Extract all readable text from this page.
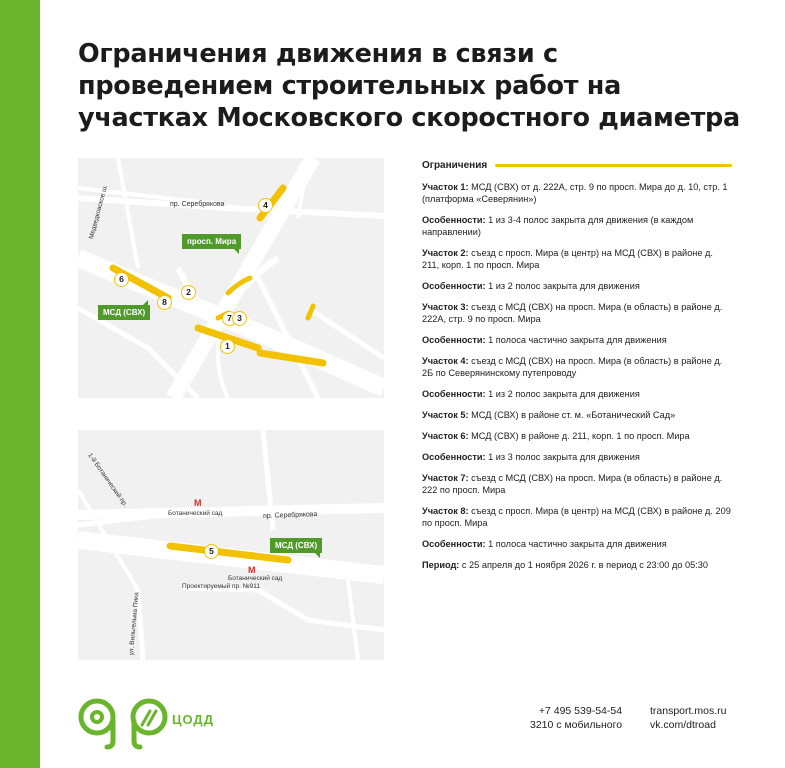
Ограничения движения в связи с проведением строительных работ на участках Московского скоростного диаметра
пр. Серебрякова
Медведковское ш.
просп. Мира
МСД (СВХ)
4
6
8
2
7 3
1
1-й Ботанический пр.
пр. Серебрякова
ул. Вильгельма Пика
Проектируемый пр. №911
М
Ботанический сад
М
Ботанический сад
МСД (СВХ)
5
Ограничения
Участок 1: МСД (СВХ) от д. 222А, стр. 9 по просп. Мира до д. 10, стр. 1 (платформа «Северянин»)
Особенности: 1 из 3-4 полос закрыта для движения (в каждом направлении)
Участок 2: съезд с просп. Мира (в центр) на МСД (СВХ) в районе д. 211, корп. 1 по просп. Мира
Особенности: 1 из 2 полос закрыта для движения
Участок 3: съезд с МСД (СВХ) на просп. Мира (в область) в районе д. 222А, стр. 9 по просп. Мира
Особенности: 1 полоса частично закрыта для движения
Участок 4: съезд с МСД (СВХ) на просп. Мира (в область) в районе д. 2Б по Северянинскому путепроводу
Особенности: 1 из 2 полос закрыта для движения
Участок 5: МСД (СВХ) в районе ст. м. «Ботанический Сад»
Участок 6: МСД (СВХ) в районе д. 211, корп. 1 по просп. Мира
Особенности: 1 из 3 полос закрыта для движения
Участок 7: съезд с МСД (СВХ) на просп. Мира (в область) в районе д. 222 по просп. Мира
Участок 8: съезд с просп. Мира (в центр) на МСД (СВХ) в районе д. 209 по просп. Мира
Особенности: 1 полоса частично закрыта для движения
Период: с 25 апреля до 1 ноября 2026 г. в период с 23:00 до 05:30
ЦОДД
+7 495 539-54-54
3210 с мобильного
transport.mos.ru
vk.com/dtroad
